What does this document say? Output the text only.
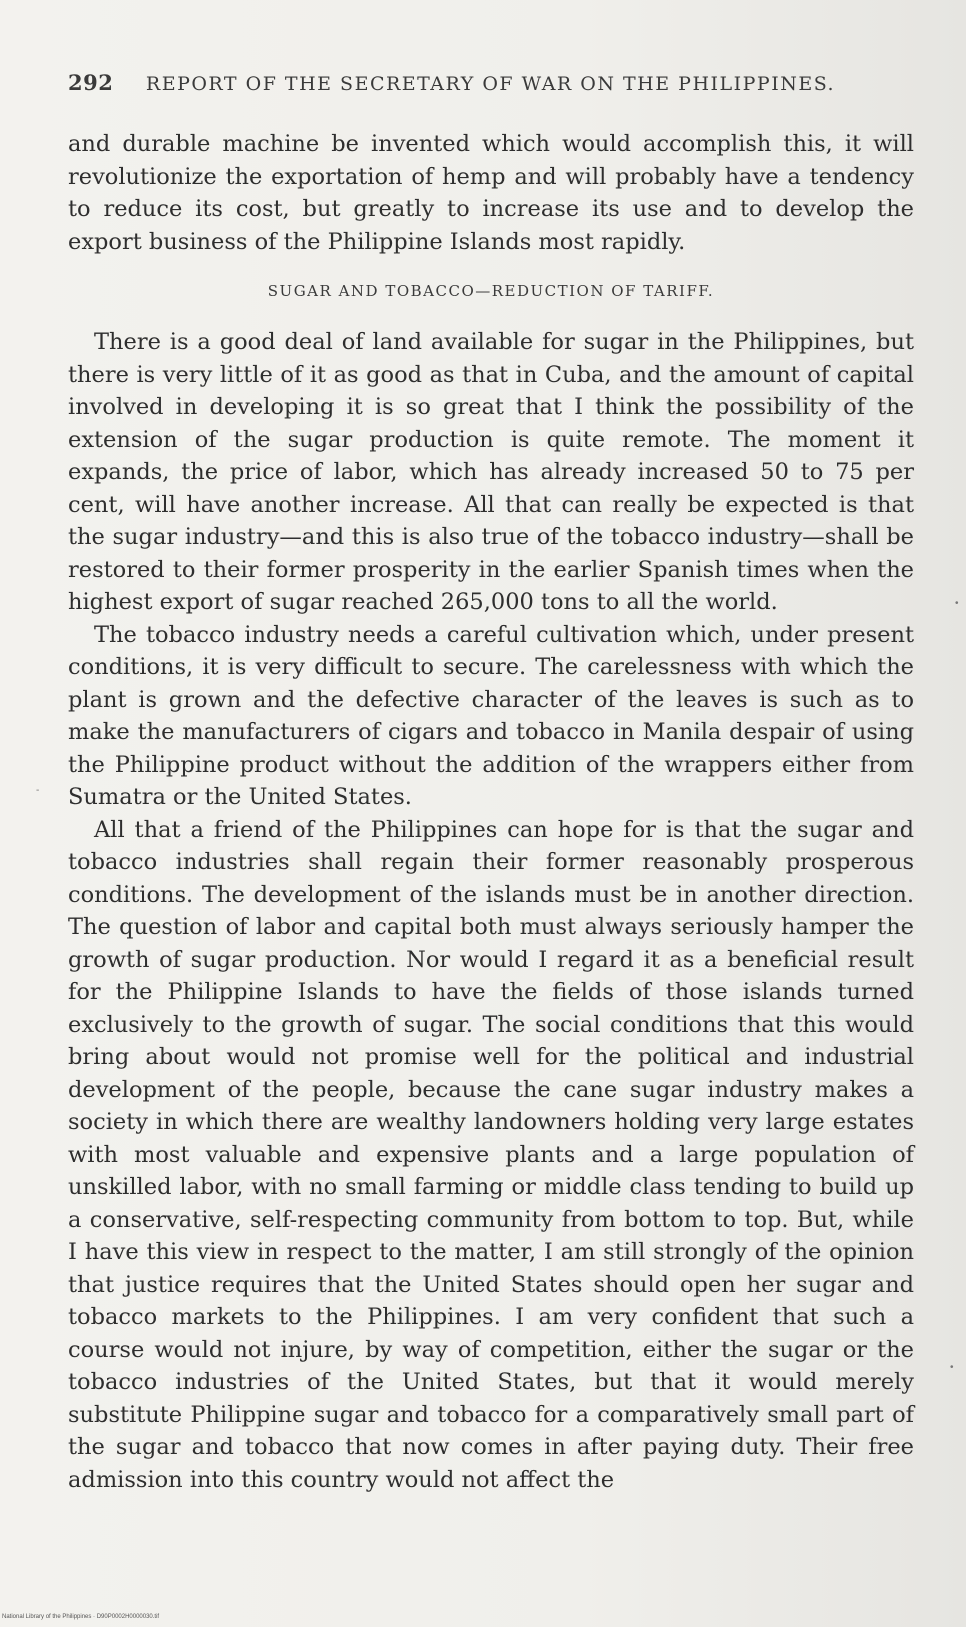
292 REPORT OF THE SECRETARY OF WAR ON THE PHILIPPINES.

and durable machine be invented which would accomplish this, it will revolutionize the exportation of hemp and will probably have a tendency to reduce its cost, but greatly to increase its use and to develop the export business of the Philippine Islands most rapidly.

SUGAR AND TOBACCO—REDUCTION OF TARIFF.

There is a good deal of land available for sugar in the Philippines, but there is very little of it as good as that in Cuba, and the amount of capital involved in developing it is so great that I think the possibility of the extension of the sugar production is quite remote. The moment it expands, the price of labor, which has already increased 50 to 75 per cent, will have another increase. All that can really be expected is that the sugar industry—and this is also true of the tobacco industry—shall be restored to their former prosperity in the earlier Spanish times when the highest export of sugar reached 265,000 tons to all the world.

The tobacco industry needs a careful cultivation which, under present conditions, it is very difficult to secure. The carelessness with which the plant is grown and the defective character of the leaves is such as to make the manufacturers of cigars and tobacco in Manila despair of using the Philippine product without the addition of the wrappers either from Sumatra or the United States.

All that a friend of the Philippines can hope for is that the sugar and tobacco industries shall regain their former reasonably prosperous conditions. The development of the islands must be in another direction. The question of labor and capital both must always seriously hamper the growth of sugar production. Nor would I regard it as a beneficial result for the Philippine Islands to have the fields of those islands turned exclusively to the growth of sugar. The social conditions that this would bring about would not promise well for the political and industrial development of the people, because the cane sugar industry makes a society in which there are wealthy landowners holding very large estates with most valuable and expensive plants and a large population of unskilled labor, with no small farming or middle class tending to build up a conservative, self-respecting community from bottom to top. But, while I have this view in respect to the matter, I am still strongly of the opinion that justice requires that the United States should open her sugar and tobacco markets to the Philippines. I am very confident that such a course would not injure, by way of competition, either the sugar or the tobacco industries of the United States, but that it would merely substitute Philippine sugar and tobacco for a comparatively small part of the sugar and tobacco that now comes in after paying duty. Their free admission into this country would not affect the

•
•
-
National Library of the Philippines · D90P0002H0000030.tif
